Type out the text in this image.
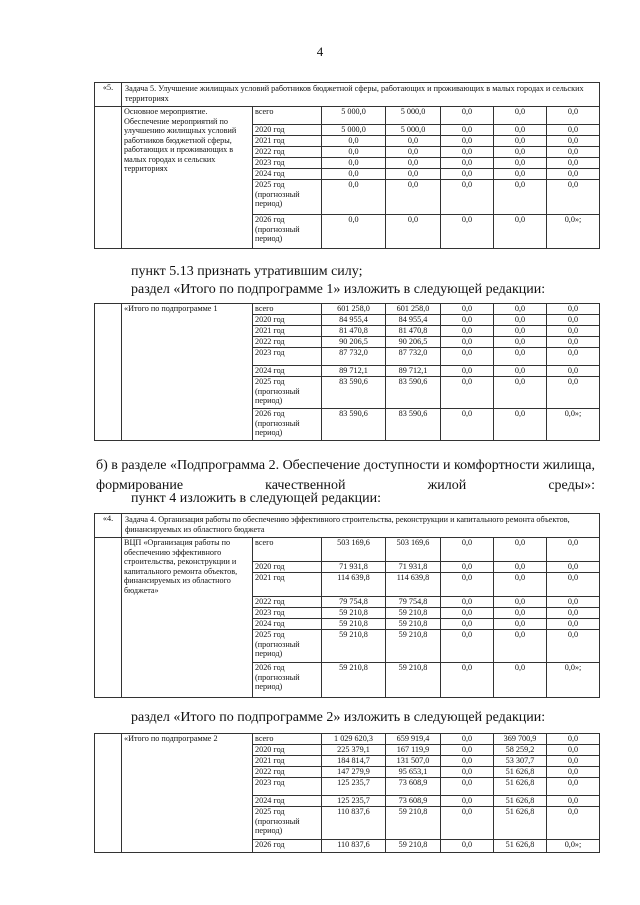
4
«5.	Задача 5. Улучшение жилищных условий работников бюджетной сферы, работающих и проживающих в малых городах и сельских территориях						
	Основное мероприятие. Обеспечение мероприятий по улучшению жилищных условий работников бюджетной сферы, работающих и проживающих в малых городах и сельских территориях	всего	5 000,0	5 000,0	0,0	0,0	0,0
		2020 год	5 000,0	5 000,0	0,0	0,0	0,0
		2021 год	0,0	0,0	0,0	0,0	0,0
		2022 год	0,0	0,0	0,0	0,0	0,0
		2023 год	0,0	0,0	0,0	0,0	0,0
		2024 год	0,0	0,0	0,0	0,0	0,0
		2025 год (прогнозный период)	0,0	0,0	0,0	0,0	0,0
		2026 год (прогнозный период)	0,0	0,0	0,0	0,0	0,0»;
пункт 5.13 признать утратившим силу;
раздел «Итого по подпрограмме 1» изложить в следующей редакции:
	«Итого по подпрограмме 1	всего	601 258,0	601 258,0	0,0	0,0	0,0
		2020 год	84 955,4	84 955,4	0,0	0,0	0,0
		2021 год	81 470,8	81 470,8	0,0	0,0	0,0
		2022 год	90 206,5	90 206,5	0,0	0,0	0,0
		2023 год	87 732,0	87 732,0	0,0	0,0	0,0
		2024 год	89 712,1	89 712,1	0,0	0,0	0,0
		2025 год (прогнозный период)	83 590,6	83 590,6	0,0	0,0	0,0
		2026 год (прогнозный период)	83 590,6	83 590,6	0,0	0,0	0,0»;
б) в разделе «Подпрограмма 2. Обеспечение доступности и комфортности жилища, формирование качественной жилой среды»:
пункт 4 изложить в следующей редакции:
«4.	Задача 4. Организация работы по обеспечению эффективного строительства, реконструкции и капитального ремонта объектов, финансируемых из областного бюджета						
	ВЦП «Организация работы по обеспечению эффективного строительства, реконструкции и капитального ремонта объектов, финансируемых из областного бюджета»	всего	503 169,6	503 169,6	0,0	0,0	0,0
		2020 год	71 931,8	71 931,8	0,0	0,0	0,0
		2021 год	114 639,8	114 639,8	0,0	0,0	0,0
		2022 год	79 754,8	79 754,8	0,0	0,0	0,0
		2023 год	59 210,8	59 210,8	0,0	0,0	0,0
		2024 год	59 210,8	59 210,8	0,0	0,0	0,0
		2025 год (прогнозный период)	59 210,8	59 210,8	0,0	0,0	0,0
		2026 год (прогнозный период)	59 210,8	59 210,8	0,0	0,0	0,0»;
раздел «Итого по подпрограмме 2» изложить в следующей редакции:
	«Итого по подпрограмме 2	всего	1 029 620,3	659 919,4	0,0	369 700,9	0,0
		2020 год	225 379,1	167 119,9	0,0	58 259,2	0,0
		2021 год	184 814,7	131 507,0	0,0	53 307,7	0,0
		2022 год	147 279,9	95 653,1	0,0	51 626,8	0,0
		2023 год	125 235,7	73 608,9	0,0	51 626,8	0,0
		2024 год	125 235,7	73 608,9	0,0	51 626,8	0,0
		2025 год (прогнозный период)	110 837,6	59 210,8	0,0	51 626,8	0,0
		2026 год	110 837,6	59 210,8	0,0	51 626,8	0,0»;
